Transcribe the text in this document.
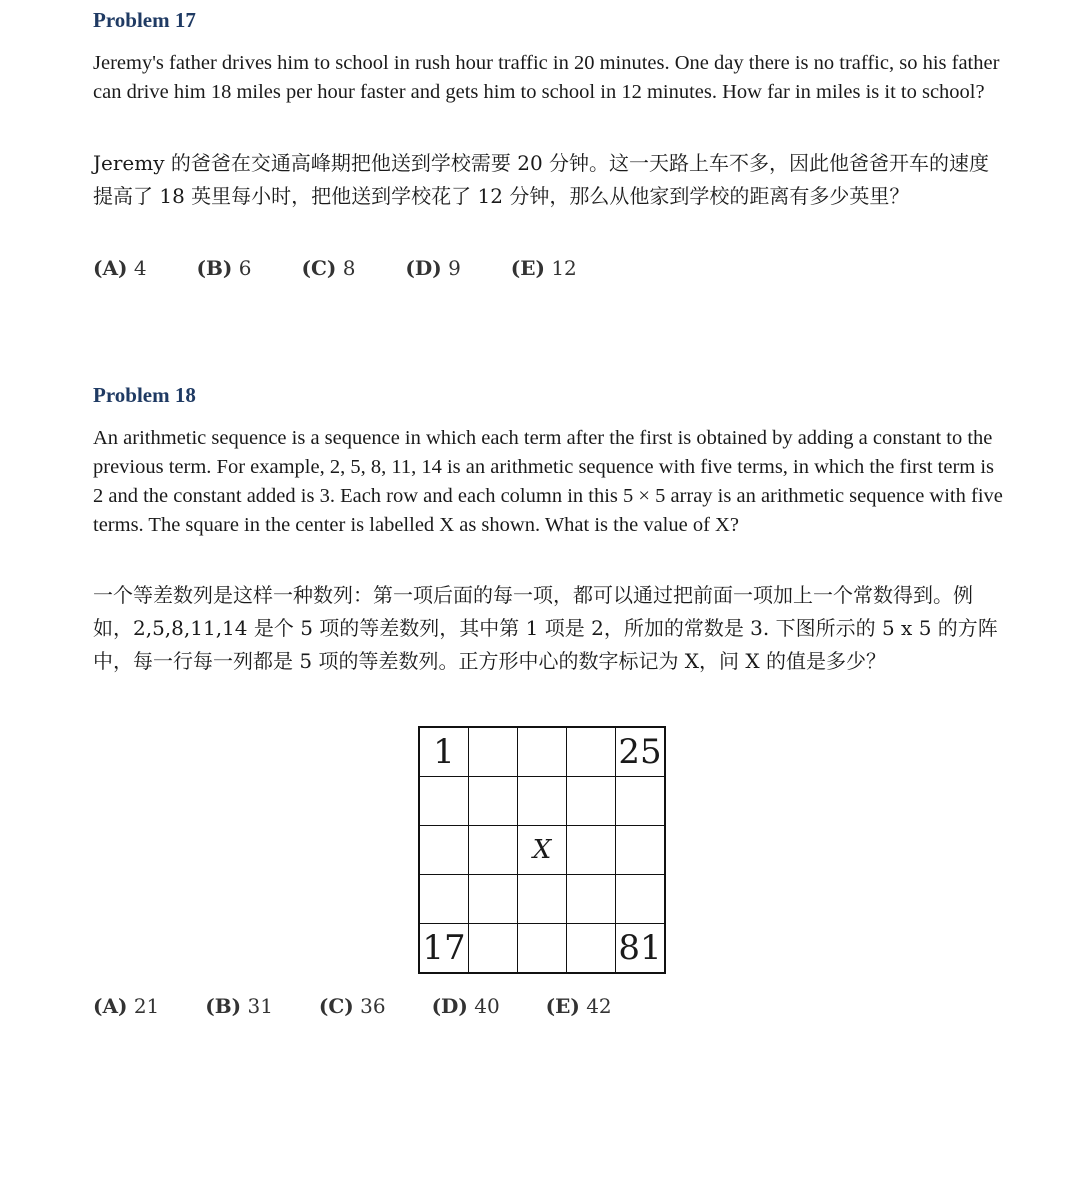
Problem 17

Jeremy's father drives him to school in rush hour traffic in 20 minutes. One day there is no traffic, so his father can drive him 18 miles per hour faster and gets him to school in 12 minutes. How far in miles is it to school?

Jeremy 的爸爸在交通高峰期把他送到学校需要 20 分钟。这一天路上车不多，因此他爸爸开车的速度提高了 18 英里每小时，把他送到学校花了 12 分钟，那么从他家到学校的距离有多少英里？

(A) 4	(B) 6	(C) 8	(D) 9	(E) 12
Problem 18

An arithmetic sequence is a sequence in which each term after the first is obtained by adding a constant to the previous term. For example, 2, 5, 8, 11, 14 is an arithmetic sequence with five terms, in which the first term is 2 and the constant added is 3. Each row and each column in this 5 × 5 array is an arithmetic sequence with five terms. The square in the center is labelled X as shown. What is the value of X?

一个等差数列是这样一种数列：第一项后面的每一项，都可以通过把前面一项加上一个常数得到。例如，2,5,8,11,14 是个 5 项的等差数列，其中第 1 项是 2，所加的常数是 3. 下图所示的 5 x 5 的方阵中，每一行每一列都是 5 项的等差数列。正方形中心的数字标记为 X，问 X 的值是多少？

1				25

		X		

17				81
(A) 21 (B) 31 (C) 36 (D) 40 (E) 42
